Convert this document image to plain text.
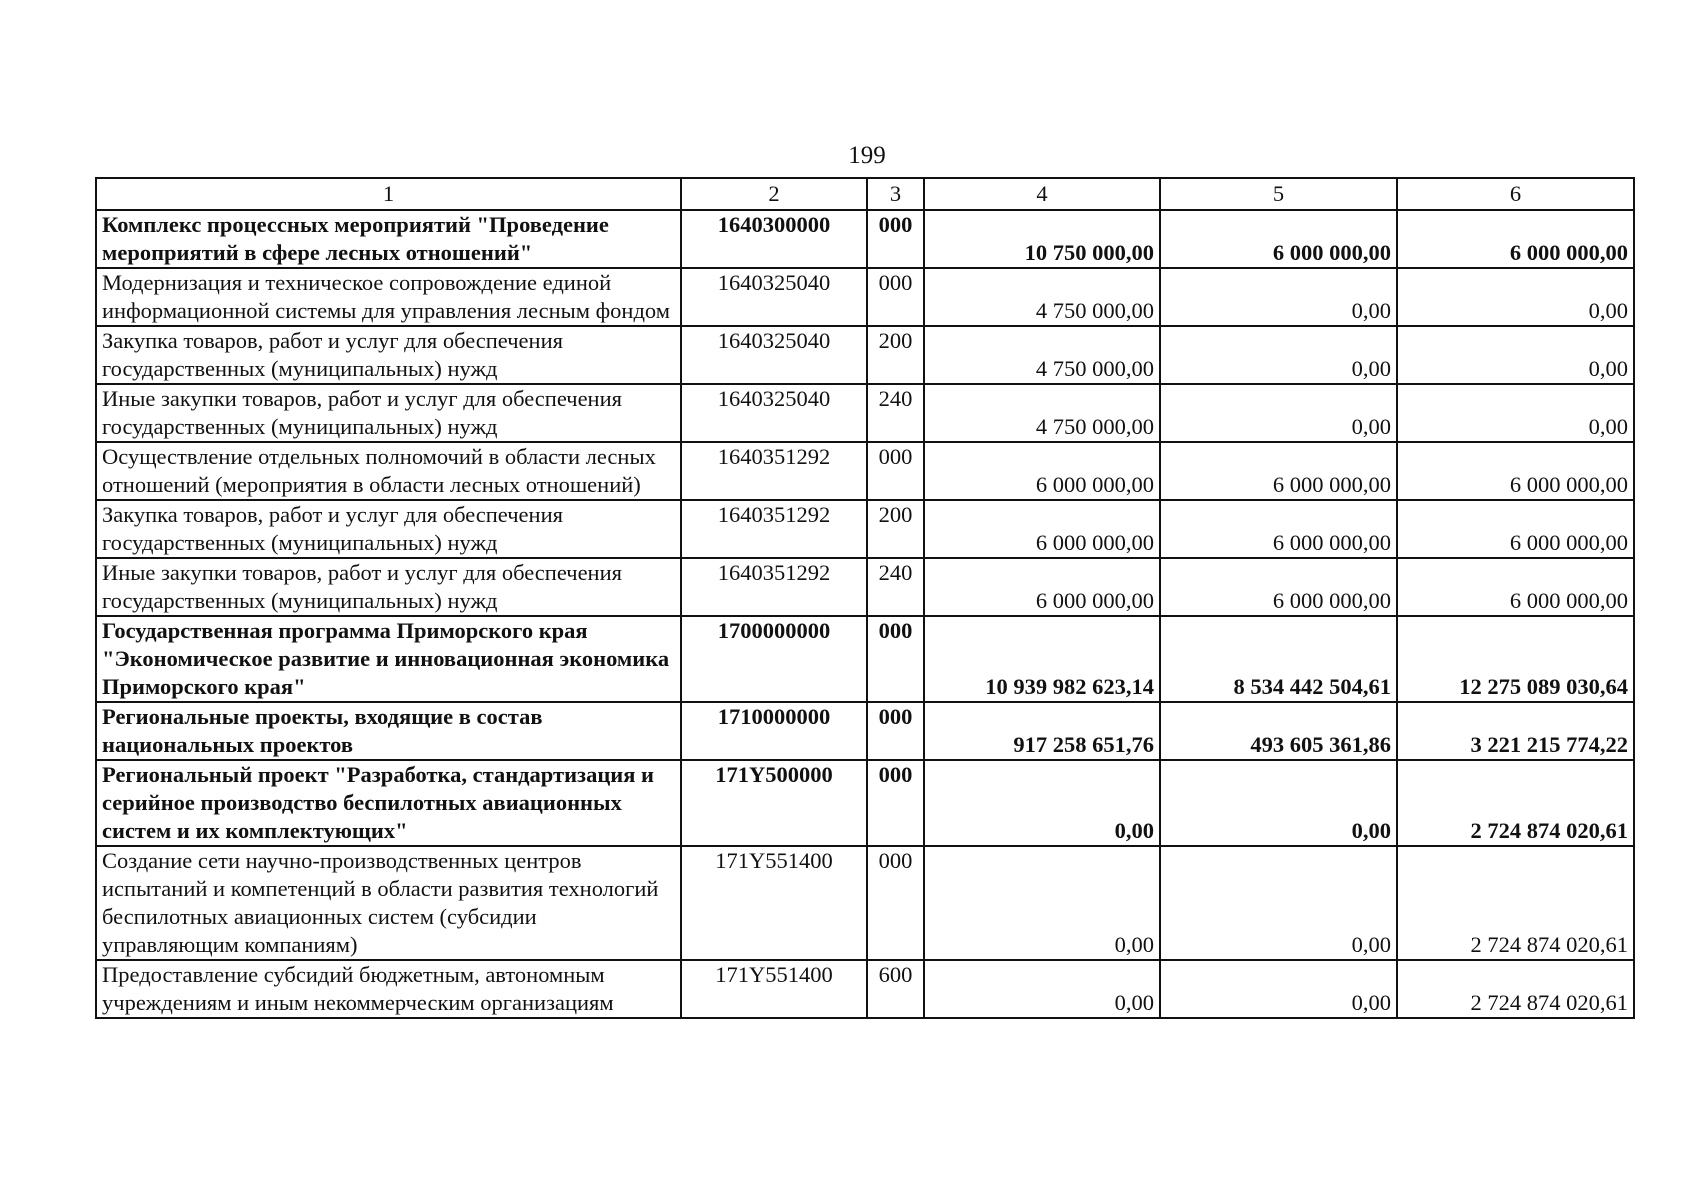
199
1	2	3	4	5	6
Комплекс процессных мероприятий "Проведение мероприятий в сфере лесных отношений"	1640300000	000	10 750 000,00	6 000 000,00	6 000 000,00
Модернизация и техническое сопровождение единой информационной системы для управления лесным фондом	1640325040	000	4 750 000,00	0,00	0,00
Закупка товаров, работ и услуг для обеспечения государственных (муниципальных) нужд	1640325040	200	4 750 000,00	0,00	0,00
Иные закупки товаров, работ и услуг для обеспечения государственных (муниципальных) нужд	1640325040	240	4 750 000,00	0,00	0,00
Осуществление отдельных полномочий в области лесных отношений (мероприятия в области лесных отношений)	1640351292	000	6 000 000,00	6 000 000,00	6 000 000,00
Закупка товаров, работ и услуг для обеспечения государственных (муниципальных) нужд	1640351292	200	6 000 000,00	6 000 000,00	6 000 000,00
Иные закупки товаров, работ и услуг для обеспечения государственных (муниципальных) нужд	1640351292	240	6 000 000,00	6 000 000,00	6 000 000,00
Государственная программа Приморского края "Экономическое развитие и инновационная экономика Приморского края"	1700000000	000	10 939 982 623,14	8 534 442 504,61	12 275 089 030,64
Региональные проекты, входящие в состав национальных проектов	1710000000	000	917 258 651,76	493 605 361,86	3 221 215 774,22
Региональный проект "Разработка, стандартизация и серийное производство беспилотных авиационных систем и их комплектующих"	171Y500000	000	0,00	0,00	2 724 874 020,61
Создание сети научно-производственных центров испытаний и компетенций в области развития технологий беспилотных авиационных систем (субсидии управляющим компаниям)	171Y551400	000	0,00	0,00	2 724 874 020,61
Предоставление субсидий бюджетным, автономным учреждениям и иным некоммерческим организациям	171Y551400	600	0,00	0,00	2 724 874 020,61
